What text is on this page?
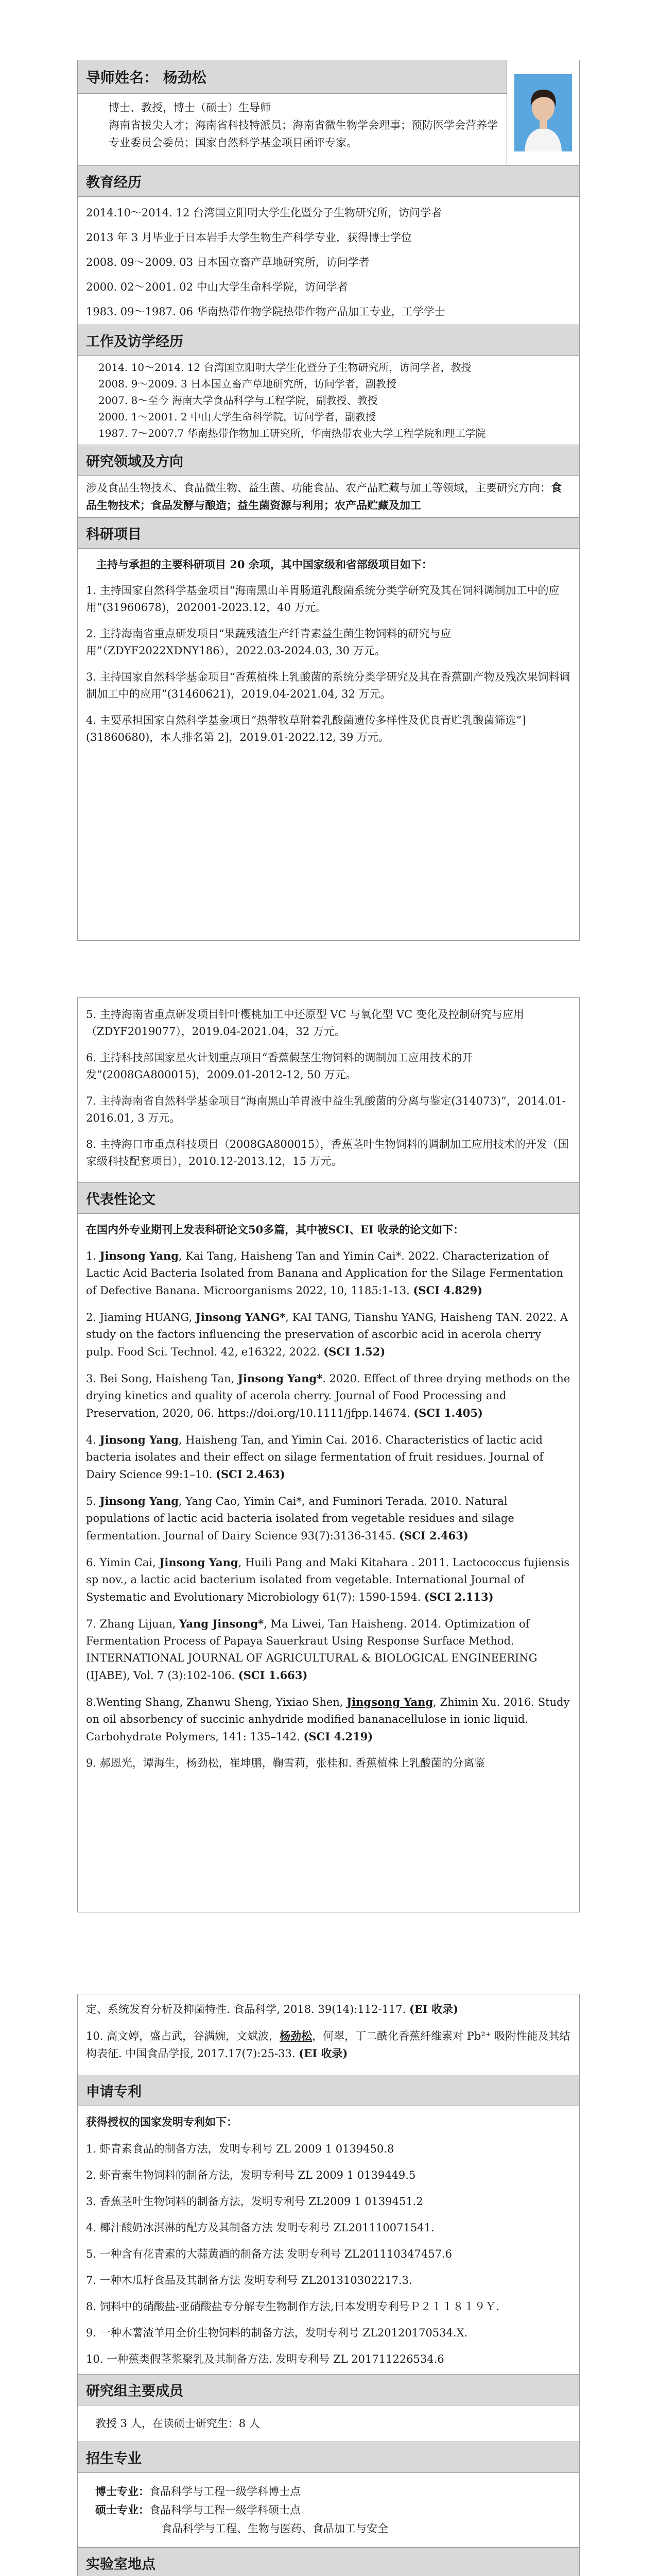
导师姓名： 杨劲松

博士、教授，博士（硕士）生导师

海南省拔尖人才；海南省科技特派员；海南省微生物学会理事；预防医学会营养学专业委员会委员；国家自然科学基金项目函评专家。

教育经历

2014.10～2014. 12 台湾国立阳明大学生化暨分子生物研究所，访问学者

2013 年 3 月毕业于日本岩手大学生物生产科学专业，获得博士学位

2008. 09～2009. 03 日本国立畜产草地研究所，访问学者

2000. 02～2001. 02 中山大学生命科学院，访问学者

1983. 09～1987. 06 华南热带作物学院热带作物产品加工专业，工学学士

工作及访学经历

2014. 10～2014. 12 台湾国立阳明大学生化暨分子生物研究所，访问学者，教授

2008. 9～2009. 3 日本国立畜产草地研究所，访问学者，副教授

2007. 8～至今 海南大学食品科学与工程学院，副教授、教授

2000. 1～2001. 2 中山大学生命科学院，访问学者，副教授

1987. 7～2007.7 华南热带作物加工研究所，华南热带农业大学工程学院和理工学院

研究领域及方向

涉及食品生物技术、食品微生物、益生菌、功能食品、农产品贮藏与加工等领域，主要研究方向：食品生物技术；食品发酵与酿造；益生菌资源与利用；农产品贮藏及加工

科研项目

主持与承担的主要科研项目 20 余项，其中国家级和省部级项目如下：

1. 主持国家自然科学基金项目“海南黑山羊胃肠道乳酸菌系统分类学研究及其在饲料调制加工中的应用”(31960678)，202001-2023.12，40 万元。

2. 主持海南省重点研发项目“果蔬残渣生产纤青素益生菌生物饲料的研究与应用”（ZDYF2022XDNY186），2022.03-2024.03, 30 万元。

3. 主持国家自然科学基金项目“香蕉植株上乳酸菌的系统分类学研究及其在香蕉副产物及残次果饲料调制加工中的应用”(31460621)，2019.04-2021.04, 32 万元。

4. 主要承担国家自然科学基金项目“热带牧草附着乳酸菌遗传多样性及优良青贮乳酸菌筛选”](31860680)，本人排名第 2]，2019.01-2022.12, 39 万元。

5. 主持海南省重点研发项目针叶樱桃加工中还原型 VC 与氧化型 VC 变化及控制研究与应用（ZDYF2019077），2019.04-2021.04，32 万元。

6. 主持科技部国家星火计划重点项目“香蕉假茎生物饲料的调制加工应用技术的开发”(2008GA800015)，2009.01-2012-12, 50 万元。

7. 主持海南省自然科学基金项目“海南黑山羊胃液中益生乳酸菌的分离与鉴定(314073)”，2014.01-2016.01, 3 万元。

8. 主持海口市重点科技项目（2008GA800015），香蕉茎叶生物饲料的调制加工应用技术的开发（国家级科技配套项目），2010.12-2013.12，15 万元。

代表性论文

在国内外专业期刊上发表科研论文50多篇，其中被SCI、EI 收录的论文如下：

1. Jinsong Yang, Kai Tang, Haisheng Tan and Yimin Cai*. 2022. Characterization of Lactic Acid Bacteria Isolated from Banana and Application for the Silage Fermentation of Defective Banana. Microorganisms 2022, 10, 1185:1-13. (SCI 4.829)

2. Jiaming HUANG, Jinsong YANG*, KAI TANG, Tianshu YANG, Haisheng TAN. 2022. A study on the factors influencing the preservation of ascorbic acid in acerola cherry pulp. Food Sci. Technol. 42, e16322, 2022. (SCI 1.52)

3. Bei Song, Haisheng Tan, Jinsong Yang*. 2020. Effect of three drying methods on the drying kinetics and quality of acerola cherry. Journal of Food Processing and Preservation, 2020, 06. https://doi.org/10.1111/jfpp.14674. (SCI 1.405)

4. Jinsong Yang, Haisheng Tan, and Yimin Cai. 2016. Characteristics of lactic acid bacteria isolates and their effect on silage fermentation of fruit residues. Journal of Dairy Science 99:1–10. (SCI 2.463)

5. Jinsong Yang, Yang Cao, Yimin Cai*, and Fuminori Terada. 2010. Natural populations of lactic acid bacteria isolated from vegetable residues and silage fermentation. Journal of Dairy Science 93(7):3136-3145. (SCI 2.463)

6. Yimin Cai, Jinsong Yang, Huili Pang and Maki Kitahara . 2011. Lactococcus fujiensis sp nov., a lactic acid bacterium isolated from vegetable. International Journal of Systematic and Evolutionary Microbiology 61(7): 1590-1594. (SCI 2.113)

7. Zhang Lijuan, Yang Jinsong*, Ma Liwei, Tan Haisheng. 2014. Optimization of Fermentation Process of Papaya Sauerkraut Using Response Surface Method. INTERNATIONAL JOURNAL OF AGRICULTURAL & BIOLOGICAL ENGINEERING (IJABE), Vol. 7 (3):102-106. (SCI 1.663)

8.Wenting Shang, Zhanwu Sheng, Yixiao Shen, Jingsong Yang, Zhimin Xu. 2016. Study on oil absorbency of succinic anhydride modified bananacellulose in ionic liquid. Carbohydrate Polymers, 141: 135–142. (SCI 4.219)

9. 郝恩光，谭海生，杨劲松，崔坤鹏，鞠雪莉，张桂和. 香蕉植株上乳酸菌的分离鉴

定、系统发育分析及抑菌特性. 食品科学, 2018. 39(14):112-117. (EI 收录)

10. 高文婷，盛占武，谷满婉，文斌波，杨劲松，何翠，丁二酰化香蕉纤维素对 Pb²⁺ 吸附性能及其结构表征. 中国食品学报, 2017.17(7):25-33. (EI 收录)

申请专利

获得授权的国家发明专利如下：

1. 虾青素食品的制备方法，发明专利号 ZL 2009 1 0139450.8

2. 虾青素生物饲料的制备方法，发明专利号 ZL 2009 1 0139449.5

3. 香蕉茎叶生物饲料的制备方法，发明专利号 ZL2009 1 0139451.2

4. 椰汁酸奶冰淇淋的配方及其制备方法 发明专利号 ZL201110071541.

5. 一种含有花青素的大蒜黄酒的制备方法 发明专利号 ZL201110347457.6

7. 一种木瓜籽食品及其制备方法 发明专利号 ZL201310302217.3.

8. 饲料中的硝酸盐-亚硝酸盐专分解专生物制作方法,日本发明专利号Ｐ２１１８１９Ｙ.

9. 一种木薯渣羊用全价生物饲料的制备方法，发明专利号 ZL20120170534.X.

10. 一种蕉类假茎浆聚乳及其制备方法. 发明专利号 ZL 201711226534.6

研究组主要成员

教授 3 人，在读硕士研究生：8 人

招生专业

博士专业：食品科学与工程一级学科博士点

硕士专业：食品科学与工程一级学科硕士点

食品科学与工程、生物与医药、食品加工与安全

实验室地点
